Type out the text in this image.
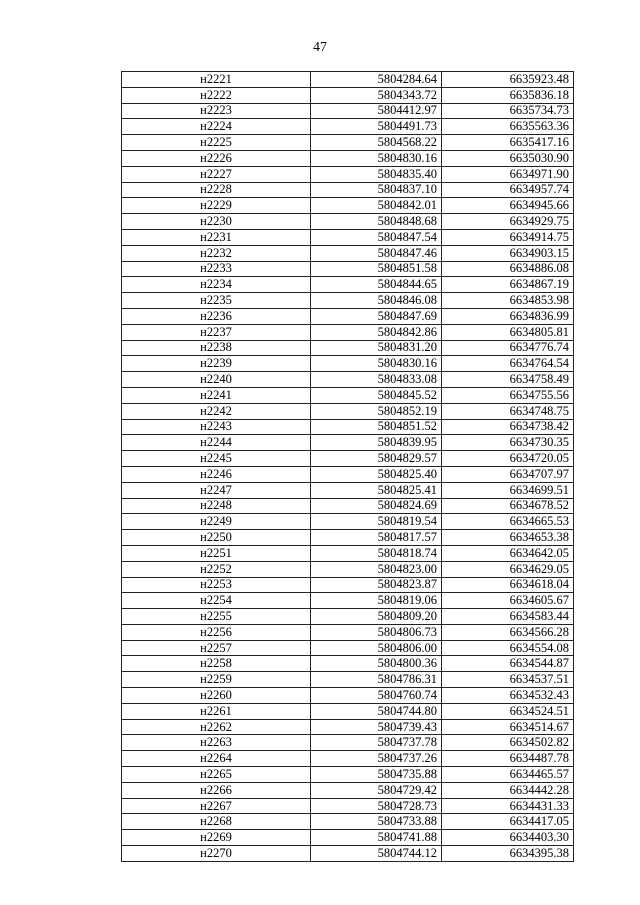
47
н2221	5804284.64	6635923.48
н2222	5804343.72	6635836.18
н2223	5804412.97	6635734.73
н2224	5804491.73	6635563.36
н2225	5804568.22	6635417.16
н2226	5804830.16	6635030.90
н2227	5804835.40	6634971.90
н2228	5804837.10	6634957.74
н2229	5804842.01	6634945.66
н2230	5804848.68	6634929.75
н2231	5804847.54	6634914.75
н2232	5804847.46	6634903.15
н2233	5804851.58	6634886.08
н2234	5804844.65	6634867.19
н2235	5804846.08	6634853.98
н2236	5804847.69	6634836.99
н2237	5804842.86	6634805.81
н2238	5804831.20	6634776.74
н2239	5804830.16	6634764.54
н2240	5804833.08	6634758.49
н2241	5804845.52	6634755.56
н2242	5804852.19	6634748.75
н2243	5804851.52	6634738.42
н2244	5804839.95	6634730.35
н2245	5804829.57	6634720.05
н2246	5804825.40	6634707.97
н2247	5804825.41	6634699.51
н2248	5804824.69	6634678.52
н2249	5804819.54	6634665.53
н2250	5804817.57	6634653.38
н2251	5804818.74	6634642.05
н2252	5804823.00	6634629.05
н2253	5804823.87	6634618.04
н2254	5804819.06	6634605.67
н2255	5804809.20	6634583.44
н2256	5804806.73	6634566.28
н2257	5804806.00	6634554.08
н2258	5804800.36	6634544.87
н2259	5804786.31	6634537.51
н2260	5804760.74	6634532.43
н2261	5804744.80	6634524.51
н2262	5804739.43	6634514.67
н2263	5804737.78	6634502.82
н2264	5804737.26	6634487.78
н2265	5804735.88	6634465.57
н2266	5804729.42	6634442.28
н2267	5804728.73	6634431.33
н2268	5804733.88	6634417.05
н2269	5804741.88	6634403.30
н2270	5804744.12	6634395.38
